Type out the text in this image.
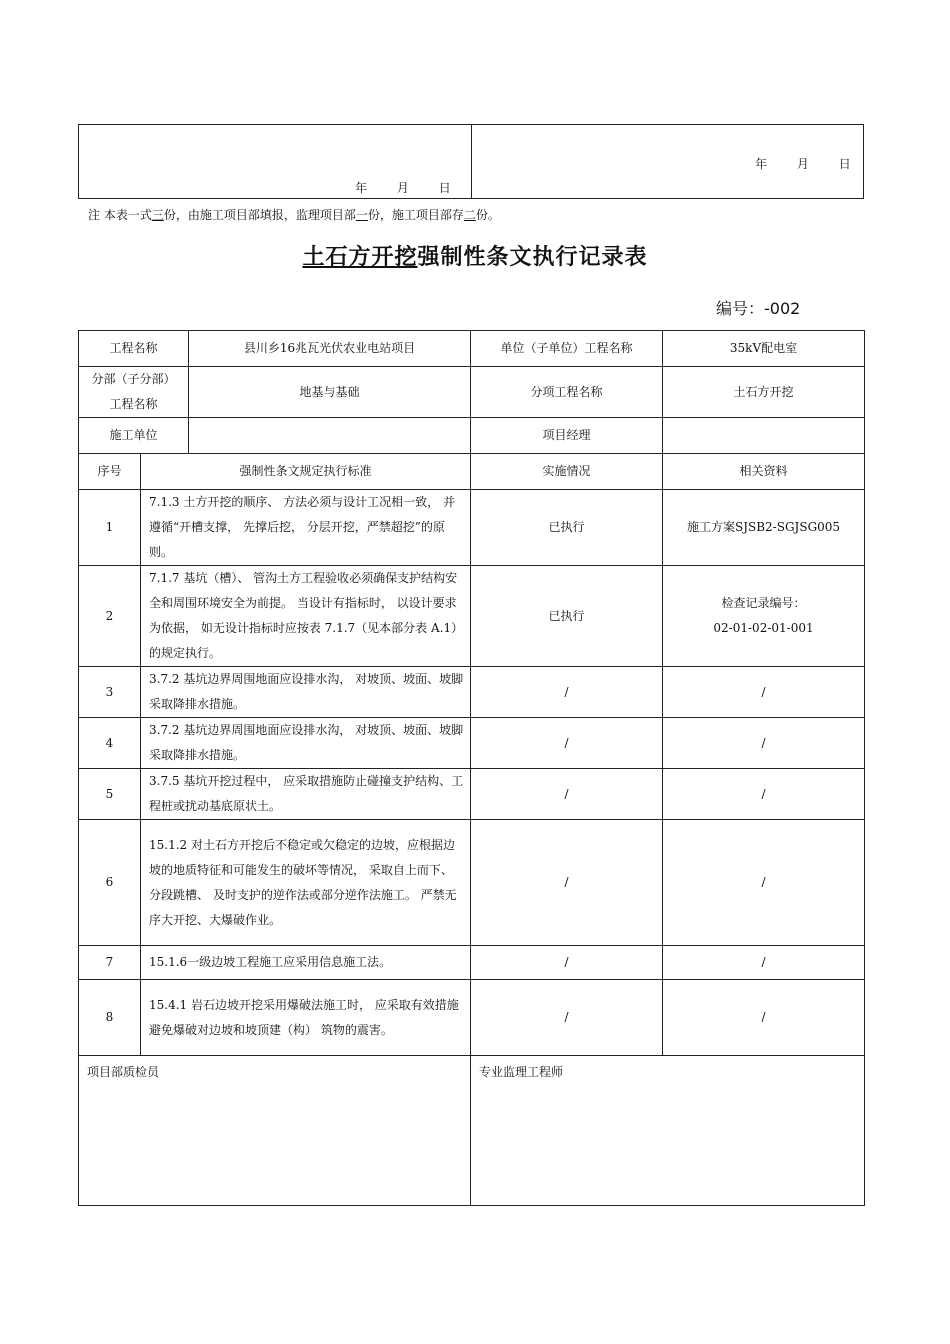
年      月      日
年      月      日
注 本表一式三份，由施工项目部填报，监理项目部一份，施工项目部存二份。
土石方开挖强制性条文执行记录表
编号：-002
工程名称		县川乡16兆瓦光伏农业电站项目	单位（子单位）工程名称	35kV配电室
分部（子分部）工程名称		地基与基础	分项工程名称	土石方开挖
施工单位			项目经理	
序号	强制性条文规定执行标准		实施情况	相关资料
1	7.1.3 土方开挖的顺序、 方法必须与设计工况相一致， 并遵循“开槽支撑， 先撑后挖， 分层开挖，严禁超挖”的原则。		已执行	施工方案SJSB2-SGJSG005
2	7.1.7 基坑（槽）、 管沟土方工程验收必须确保支护结构安全和周围环境安全为前提。 当设计有指标时， 以设计要求为依据， 如无设计指标时应按表 7.1.7（见本部分表 A.1） 的规定执行。		已执行	检查记录编号：
02-01-02-01-001
3	3.7.2 基坑边界周围地面应设排水沟， 对坡顶、坡面、坡脚采取降排水措施。		/	/
4	3.7.2 基坑边界周围地面应设排水沟， 对坡顶、坡面、坡脚采取降排水措施。		/	/
5	3.7.5 基坑开挖过程中， 应采取措施防止碰撞支护结构、工程桩或扰动基底原状土。		/	/
6	15.1.2 对土石方开挖后不稳定或欠稳定的边坡，应根据边坡的地质特征和可能发生的破坏等情况， 采取自上而下、 分段跳槽、 及时支护的逆作法或部分逆作法施工。 严禁无序大开挖、大爆破作业。		/	/
7	15.1.6一级边坡工程施工应采用信息施工法。		/	/
8	15.4.1 岩石边坡开挖采用爆破法施工时， 应采取有效措施避免爆破对边坡和坡顶建（构） 筑物的震害。		/	/
项目部质检员			专业监理工程师	
